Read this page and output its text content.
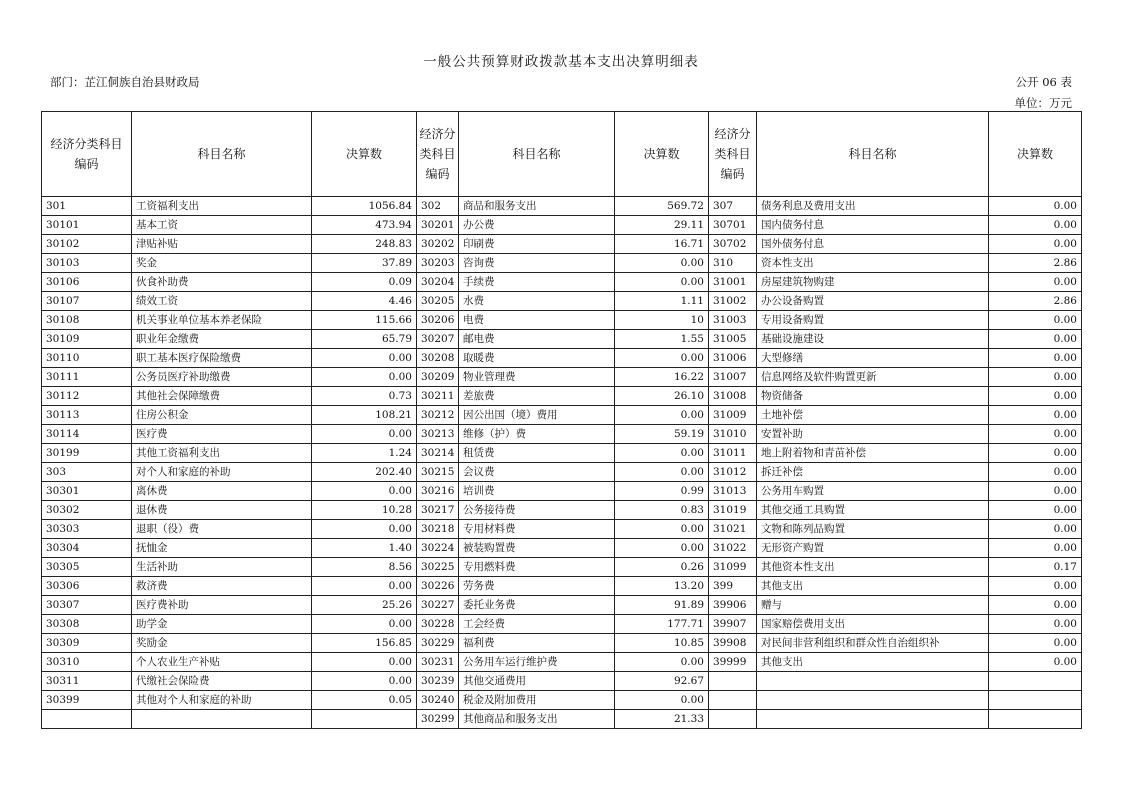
一般公共预算财政拨款基本支出决算明细表
部门：芷江侗族自治县财政局	公开 06 表
单位：万元
经济分类科目编码	科目名称	决算数	经济分类科目编码	科目名称	决算数	经济分类科目编码	科目名称	决算数
301	工资福利支出	1056.84	302	商品和服务支出	569.72	307	债务利息及费用支出	0.00
30101	基本工资	473.94	30201	办公费	29.11	30701	国内债务付息	0.00
30102	津贴补贴	248.83	30202	印刷费	16.71	30702	国外债务付息	0.00
30103	奖金	37.89	30203	咨询费	0.00	310	资本性支出	2.86
30106	伙食补助费	0.09	30204	手续费	0.00	31001	房屋建筑物购建	0.00
30107	绩效工资	4.46	30205	水费	1.11	31002	办公设备购置	2.86
30108	机关事业单位基本养老保险	115.66	30206	电费	10	31003	专用设备购置	0.00
30109	职业年金缴费	65.79	30207	邮电费	1.55	31005	基础设施建设	0.00
30110	职工基本医疗保险缴费	0.00	30208	取暖费	0.00	31006	大型修缮	0.00
30111	公务员医疗补助缴费	0.00	30209	物业管理费	16.22	31007	信息网络及软件购置更新	0.00
30112	其他社会保障缴费	0.73	30211	差旅费	26.10	31008	物资储备	0.00
30113	住房公积金	108.21	30212	因公出国（境）费用	0.00	31009	土地补偿	0.00
30114	医疗费	0.00	30213	维修（护）费	59.19	31010	安置补助	0.00
30199	其他工资福利支出	1.24	30214	租赁费	0.00	31011	地上附着物和青苗补偿	0.00
303	对个人和家庭的补助	202.40	30215	会议费	0.00	31012	拆迁补偿	0.00
30301	离休费	0.00	30216	培训费	0.99	31013	公务用车购置	0.00
30302	退休费	10.28	30217	公务接待费	0.83	31019	其他交通工具购置	0.00
30303	退职（役）费	0.00	30218	专用材料费	0.00	31021	文物和陈列品购置	0.00
30304	抚恤金	1.40	30224	被装购置费	0.00	31022	无形资产购置	0.00
30305	生活补助	8.56	30225	专用燃料费	0.26	31099	其他资本性支出	0.17
30306	救济费	0.00	30226	劳务费	13.20	399	其他支出	0.00
30307	医疗费补助	25.26	30227	委托业务费	91.89	39906	赠与	0.00
30308	助学金	0.00	30228	工会经费	177.71	39907	国家赔偿费用支出	0.00
30309	奖励金	156.85	30229	福利费	10.85	39908	对民间非营利组织和群众性自治组织补	0.00
30310	个人农业生产补贴	0.00	30231	公务用车运行维护费	0.00	39999	其他支出	0.00
30311	代缴社会保险费	0.00	30239	其他交通费用	92.67			
30399	其他对个人和家庭的补助	0.05	30240	税金及附加费用	0.00			
			30299	其他商品和服务支出	21.33			
